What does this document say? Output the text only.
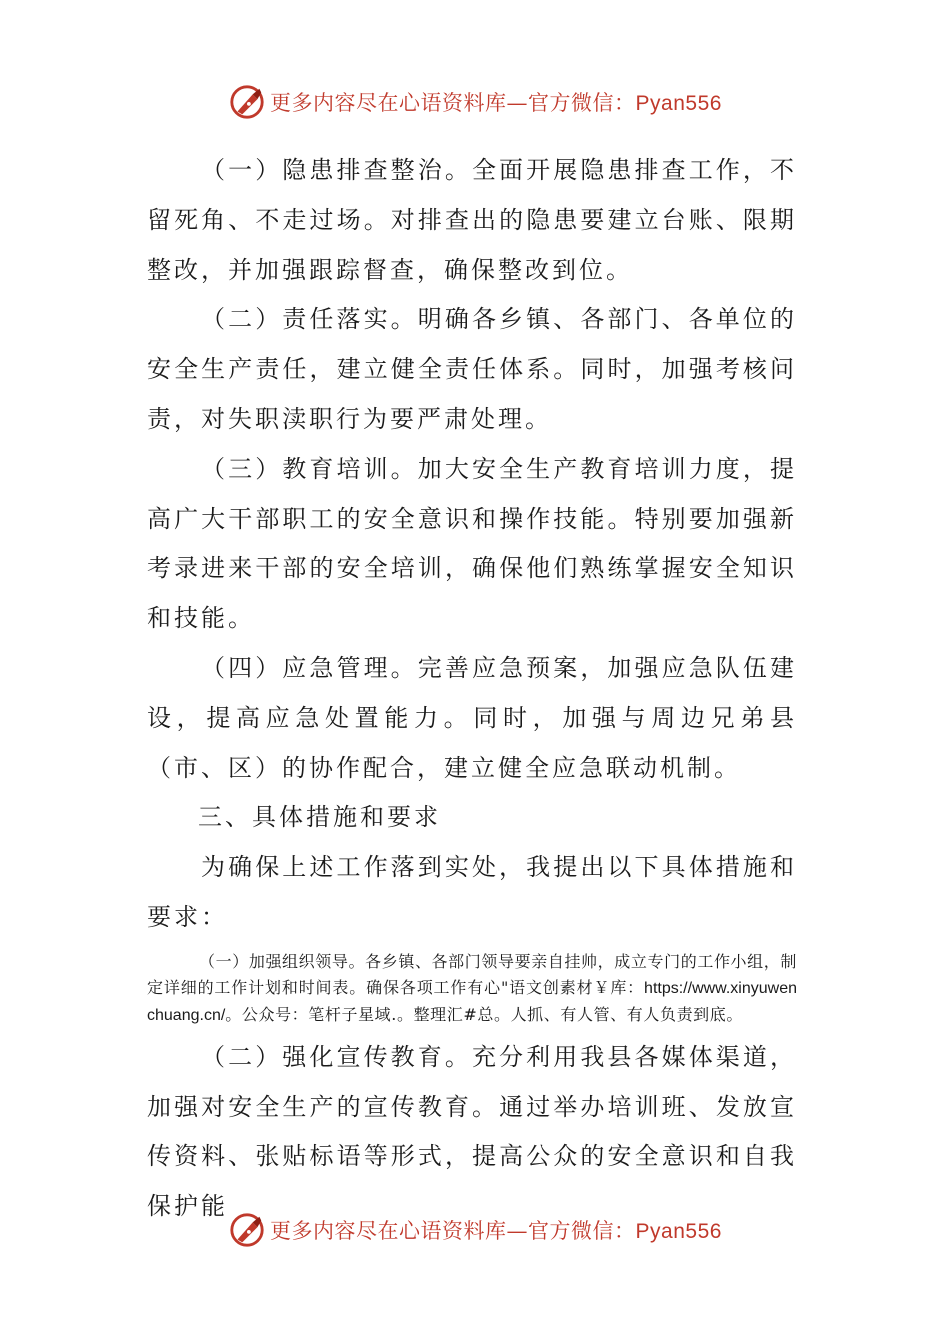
更多内容尽在心语资料库—官方微信：Pyan556

（一）隐患排查整治。全面开展隐患排查工作，不留死角、不走过场。对排查出的隐患要建立台账、限期整改，并加强跟踪督查，确保整改到位。

（二）责任落实。明确各乡镇、各部门、各单位的安全生产责任，建立健全责任体系。同时，加强考核问责，对失职渎职行为要严肃处理。

（三）教育培训。加大安全生产教育培训力度，提高广大干部职工的安全意识和操作技能。特别要加强新考录进来干部的安全培训，确保他们熟练掌握安全知识和技能。

（四）应急管理。完善应急预案，加强应急队伍建设，提高应急处置能力。同时，加强与周边兄弟县（市、区）的协作配合，建立健全应急联动机制。

三、具体措施和要求

为确保上述工作落到实处，我提出以下具体措施和要求：

（一）加强组织领导。各乡镇、各部门领导要亲自挂帅，成立专门的工作小组，制定详细的工作计划和时间表。确保各项工作有心"语文创素材￥库：https://www.xinyuwenchuang.cn/。公众号：笔杆子星域.。整理汇#总。人抓、有人管、有人负责到底。

（二）强化宣传教育。充分利用我县各媒体渠道，加强对安全生产的宣传教育。通过举办培训班、发放宣传资料、张贴标语等形式，提高公众的安全意识和自我保护能

更多内容尽在心语资料库—官方微信：Pyan556
